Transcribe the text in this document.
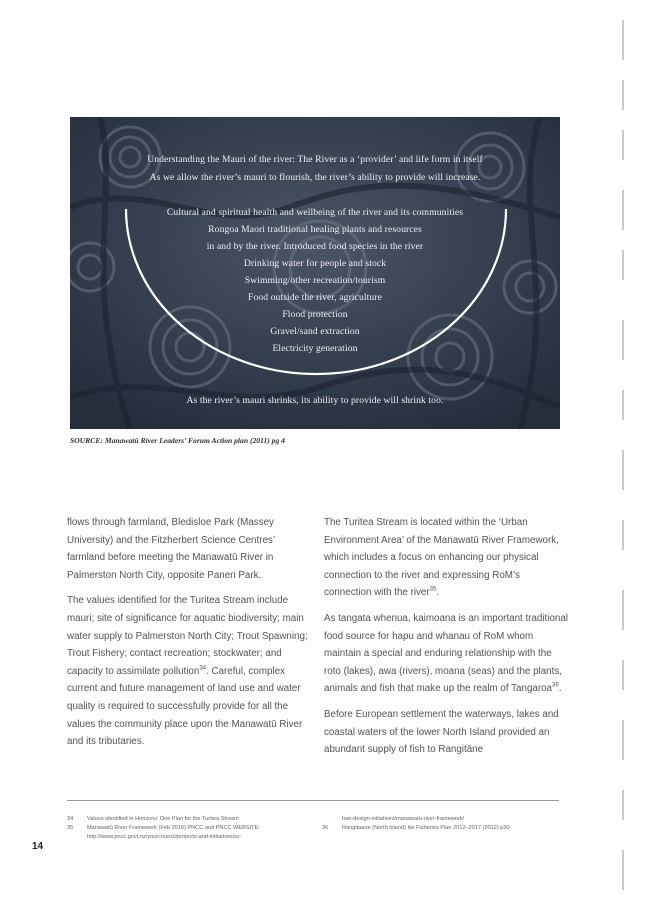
Understanding the Mauri of the river: The River as a ‘provider’ and life form in itself
As we allow the river’s mauri to flourish, the river’s ability to provide will increase.
Cultural and spiritual health and wellbeing of the river and its communities
Rongoa Maori traditional healing plants and resources
in and by the river. Introduced food species in the river
Drinking water for people and stock
Swimming/other recreation/tourism
Food outside the river, agriculture
Flood protection
Gravel/sand extraction
Electricity generation
As the river’s mauri shrinks, its ability to provide will shrink too.
SOURCE: Manawatū River Leaders’ Forum Action plan (2011) pg 4

flows through farmland, Bledisloe Park (Massey University) and the Fitzherbert Science Centres’ farmland before meeting the Manawatū River in Palmerston North City, opposite Paneri Park.

The values identified for the Turitea Stream include mauri; site of significance for aquatic biodiversity; main water supply to Palmerston North City; Trout Spawning; Trout Fishery; contact recreation; stockwater; and capacity to assimilate pollution$^{34}$. Careful, complex current and future management of land use and water quality is required to successfully provide for all the values the community place upon the Manawatū River and its tributaries.

The Turitea Stream is located within the ‘Urban Environment Area’ of the Manawatū River Framework, which includes a focus on enhancing our physical connection to the river and expressing RoM’s connection with the river$^{35}$.

As tangata whenua, kaimoana is an important traditional food source for hapu and whanau of RoM whom maintain a special and enduring relationship with the roto (lakes), awa (rivers), moana (seas) and the plants, animals and fish that make up the realm of Tangaroa$^{36}$.

Before European settlement the waterways, lakes and coastal waters of the lower North Island provided an abundant supply of fish to Rangitāne

34 Values identified in Horizons’ One Plan for the Turitea Stream
35 Manawatū River Framework (Feb 2016) PNCC and PNCC WEBSITE:
http://www.pncc.govt.nz/yourcouncil/projects-and-initiatives/ur-
ban-design-initiatives/manawatu-river-framework/
36 Rangitaane (North Island) Iwi Fisheries Plan 2012–2017 (2012) p30
14
